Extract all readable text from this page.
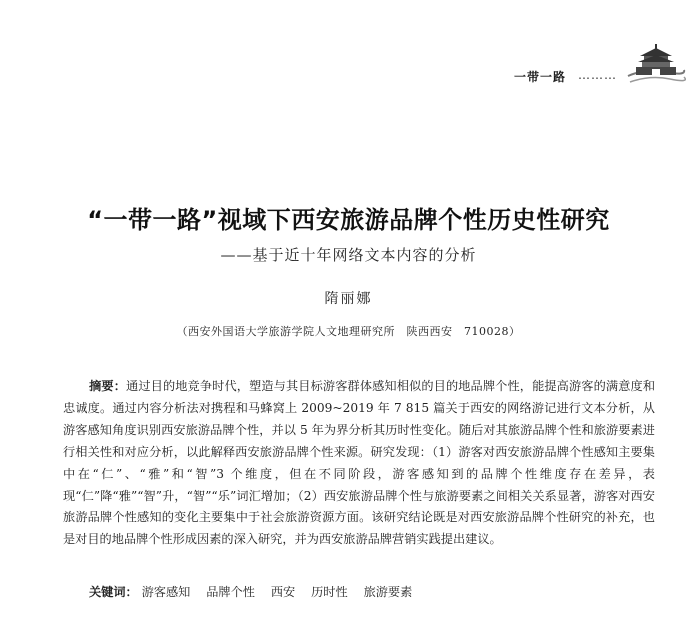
一带一路 ………
“一带一路”视域下西安旅游品牌个性历史性研究
——基于近十年网络文本内容的分析
隋丽娜
（西安外国语大学旅游学院人文地理研究所　陕西西安　710028）
摘要：通过目的地竞争时代，塑造与其目标游客群体感知相似的目的地品牌个性，能提高游客的满意度和忠诚度。通过内容分析法对携程和马蜂窝上 2009~2019 年 7 815 篇关于西安的网络游记进行文本分析，从游客感知角度识别西安旅游品牌个性，并以 5 年为界分析其历时性变化。随后对其旅游品牌个性和旅游要素进行相关性和对应分析，以此解释西安旅游品牌个性来源。研究发现：（1）游客对西安旅游品牌个性感知主要集中在“仁”、“雅”和“智”3 个维度，但在不同阶段，游客感知到的品牌个性维度存在差异，表现“仁”降“雅”“智”升，“智”“乐”词汇增加；（2）西安旅游品牌个性与旅游要素之间相关关系显著，游客对西安旅游品牌个性感知的变化主要集中于社会旅游资源方面。该研究结论既是对西安旅游品牌个性研究的补充，也是对目的地品牌个性形成因素的深入研究，并为西安旅游品牌营销实践提出建议。
关键词： 游客感知 品牌个性 西安 历时性 旅游要素
